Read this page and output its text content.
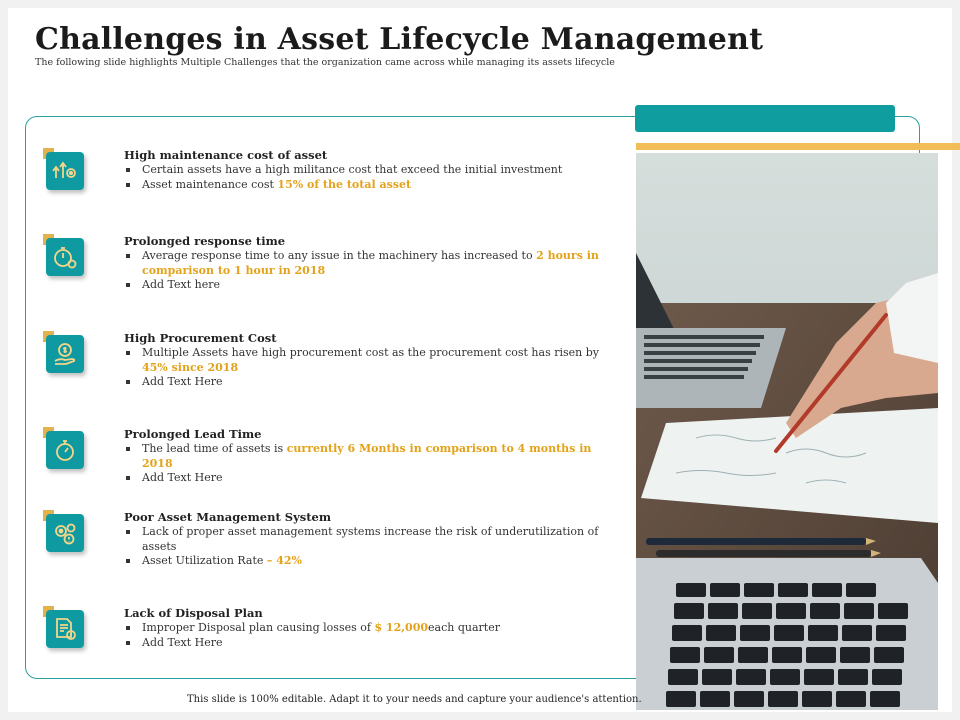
Challenges in Asset Lifecycle Management
The following slide highlights Multiple Challenges that the organization came across while managing its assets lifecycle
High maintenance cost of asset
Certain assets have a high militance cost that exceed the initial investment
Asset maintenance cost 15% of the total asset
Prolonged response time
Average response time to any issue in the machinery has increased to 2 hours in comparison to 1 hour in 2018
Add Text here
High Procurement Cost
Multiple Assets have high procurement cost as the procurement cost has risen by 45% since 2018
Add Text Here
Prolonged Lead Time
The lead time of assets is currently 6 Months in comparison to 4 months in 2018
Add Text Here
Poor Asset Management System
Lack of proper asset management systems increase the risk of underutilization of assets
Asset Utilization Rate – 42%
Lack of Disposal Plan
Improper Disposal plan causing losses of $ 12,000each quarter
Add Text Here
This slide is 100% editable. Adapt it to your needs and capture your audience's attention.
